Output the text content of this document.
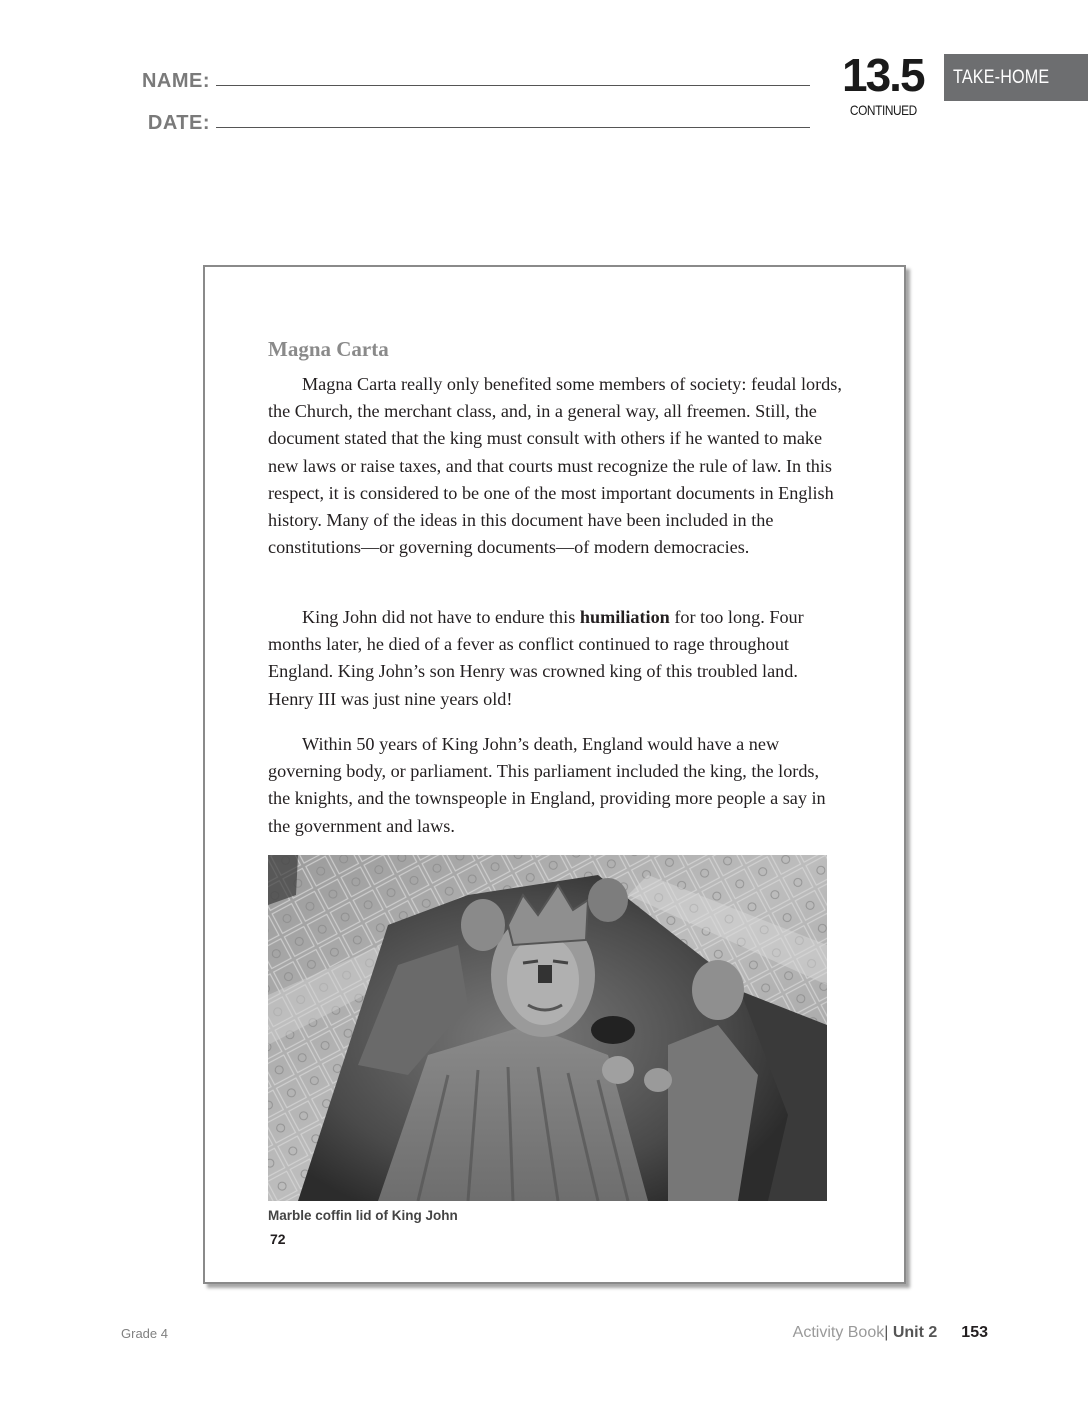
NAME:
DATE:
13.5
CONTINUED
TAKE-HOME
Magna Carta

Magna Carta really only benefited some members of society: feudal lords, the Church, the merchant class, and, in a general way, all freemen. Still, the document stated that the king must consult with others if he wanted to make new laws or raise taxes, and that courts must recognize the rule of law. In this respect, it is considered to be one of the most important documents in English history. Many of the ideas in this document have been included in the constitutions—or governing documents—of modern democracies.

King John did not have to endure this humiliation for too long. Four months later, he died of a fever as conflict continued to rage throughout England. King John’s son Henry was crowned king of this troubled land. Henry III was just nine years old!

Within 50 years of King John’s death, England would have a new governing body, or parliament. This parliament included the king, the lords, the knights, and the townspeople in England, providing more people a say in the government and laws.

Marble coffin lid of King John
72
Grade 4	Activity Book| Unit 2 153
